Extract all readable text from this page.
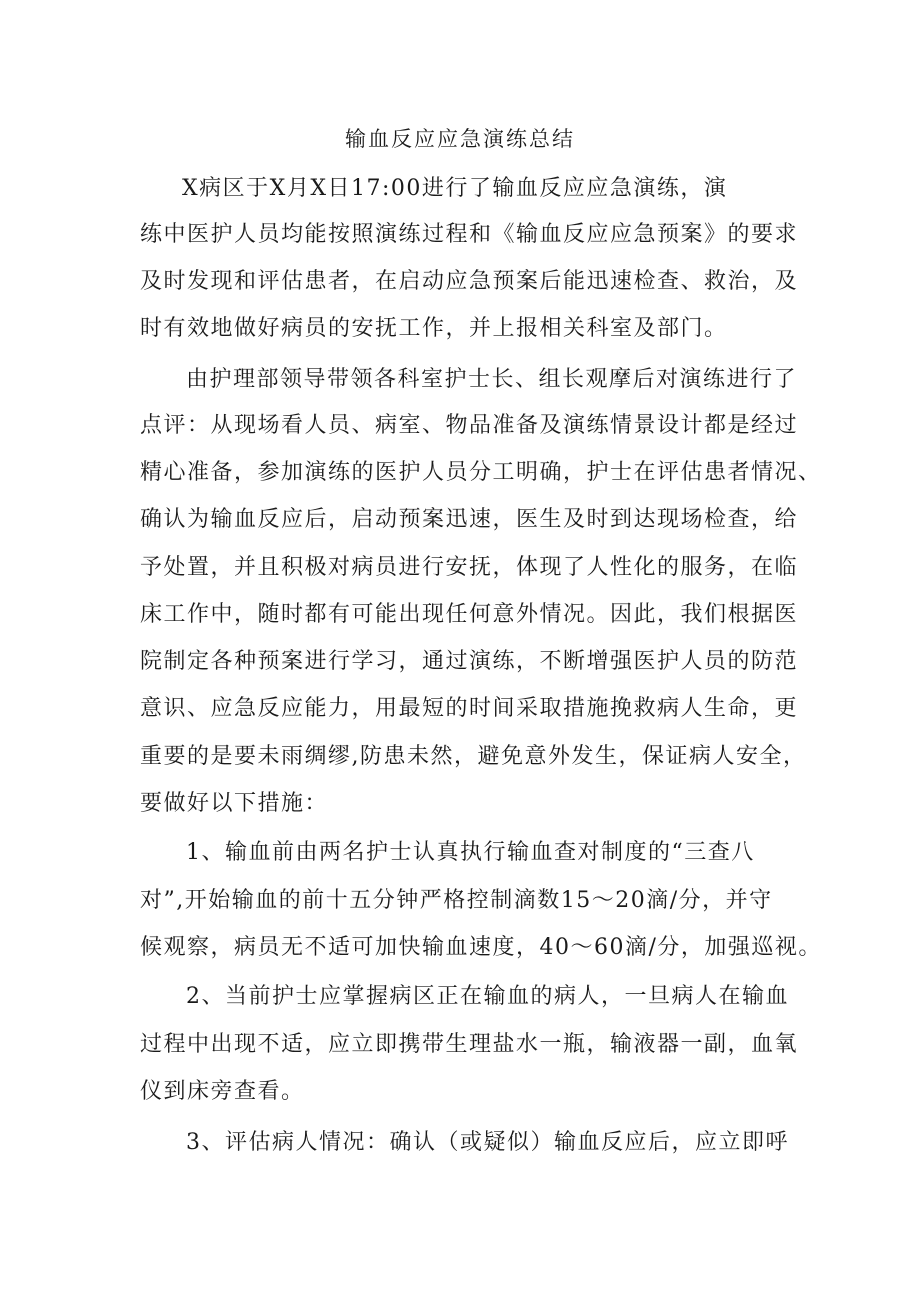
输血反应应急演练总结
X病区于X月X日17:00进行了输血反应应急演练，演
练中医护人员均能按照演练过程和《输血反应应急预案》的要求
及时发现和评估患者，在启动应急预案后能迅速检查、救治，及
时有效地做好病员的安抚工作，并上报相关科室及部门。
由护理部领导带领各科室护士长、组长观摩后对演练进行了
点评：从现场看人员、病室、物品准备及演练情景设计都是经过
精心准备，参加演练的医护人员分工明确，护士在评估患者情况、
确认为输血反应后，启动预案迅速，医生及时到达现场检查，给
予处置，并且积极对病员进行安抚，体现了人性化的服务，在临
床工作中，随时都有可能出现任何意外情况。因此，我们根据医
院制定各种预案进行学习，通过演练，不断增强医护人员的防范
意识、应急反应能力，用最短的时间采取措施挽救病人生命，更
重要的是要未雨绸缪,防患未然，避免意外发生，保证病人安全，
要做好以下措施：
1、输血前由两名护士认真执行输血查对制度的“三查八
对”,开始输血的前十五分钟严格控制滴数15～20滴/分，并守
候观察，病员无不适可加快输血速度，40～60滴/分，加强巡视。
2、当前护士应掌握病区正在输血的病人，一旦病人在输血
过程中出现不适，应立即携带生理盐水一瓶，输液器一副，血氧
仪到床旁查看。
3、评估病人情况：确认（或疑似）输血反应后，应立即呼
